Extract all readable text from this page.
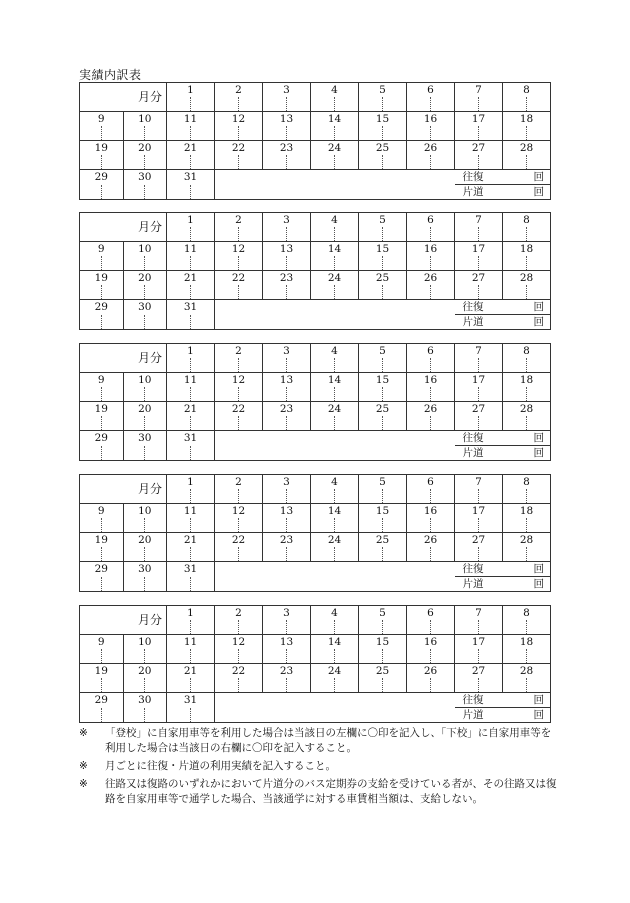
実績内訳表
月分		1	2	3	4	5	6	7	8

9	10	11	12	13	14	15	16	17	18

19	20	21	22	23	24	25	26	27	28

29	30	31						往復 回	

								片道 回	
月分		1	2	3	4	5	6	7	8

9	10	11	12	13	14	15	16	17	18

19	20	21	22	23	24	25	26	27	28

29	30	31						往復 回	

								片道 回	
月分		1	2	3	4	5	6	7	8

9	10	11	12	13	14	15	16	17	18

19	20	21	22	23	24	25	26	27	28

29	30	31						往復 回	

								片道 回	
月分		1	2	3	4	5	6	7	8

9	10	11	12	13	14	15	16	17	18

19	20	21	22	23	24	25	26	27	28

29	30	31						往復 回	

								片道 回	
月分		1	2	3	4	5	6	7	8

9	10	11	12	13	14	15	16	17	18

19	20	21	22	23	24	25	26	27	28

29	30	31						往復 回	

								片道 回	
※	「登校」に自家用車等を利用した場合は当該日の左欄に〇印を記入し、「下校」に自家用車等を利用した場合は当該日の右欄に〇印を記入すること。
※	月ごとに往復・片道の利用実績を記入すること。
※	往路又は復路のいずれかにおいて片道分のバス定期券の支給を受けている者が、その往路又は復路を自家用車等で通学した場合、当該通学に対する車賃相当額は、支給しない。
